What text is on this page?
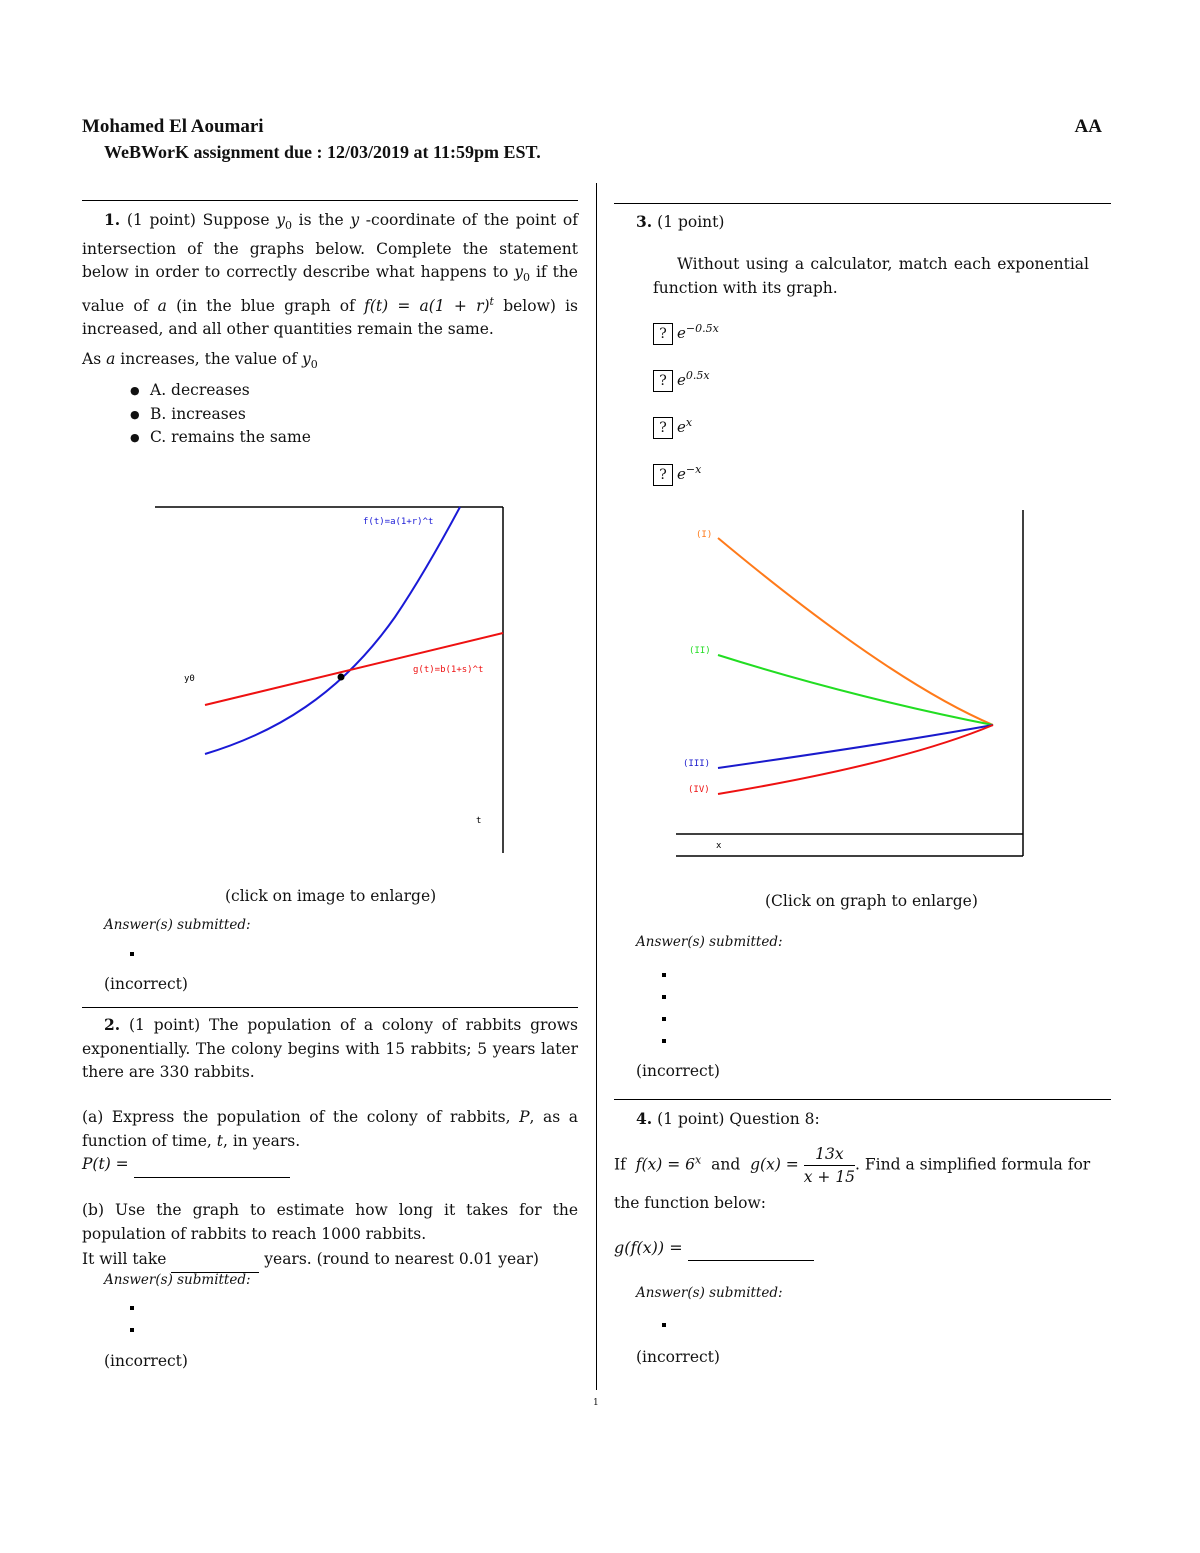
Mohamed El Aoumari
WeBWorK assignment due : 12/03/2019 at 11:59pm EST.
AA
1. (1 point) Suppose $y_0$ is the y -coordinate of the point of intersection of the graphs below. Complete the statement below in order to correctly describe what happens to $y_0$ if the value of a (in the blue graph of $f(t) = a(1 + r)^t$ below) is increased, and all other quantities remain the same.
As a increases, the value of $y_0$
● A. decreases
● B. increases
● C. remains the same
f(t)=a(1+r)^t
g(t)=b(1+s)^t
y0
t
(click on image to enlarge)
Answer(s) submitted:
(incorrect)
2. (1 point) The population of a colony of rabbits grows exponentially. The colony begins with 15 rabbits; 5 years later there are 330 rabbits.
(a) Express the population of the colony of rabbits, P, as a function of time, t, in years.
P(t) =
(b) Use the graph to estimate how long it takes for the population of rabbits to reach 1000 rabbits.
It will take	years. (round to nearest 0.01 year)
Answer(s) submitted:
(incorrect)
3. (1 point)
Without using a calculator, match each exponential function with its graph.
? $e^{-0.5x}$
? $e^{0.5x}$
? $e^x$
? $e^{-x}$
(I)
(II)
(III)
(IV)
x
(Click on graph to enlarge)
Answer(s) submitted:
(incorrect)
4. (1 point) Question 8:
If $f(x) = 6^x$ and $g(x) = \frac{13x}{x + 15}$ . Find a simplified formula for the function below:
g(f(x)) =
Answer(s) submitted:
(incorrect)
1
